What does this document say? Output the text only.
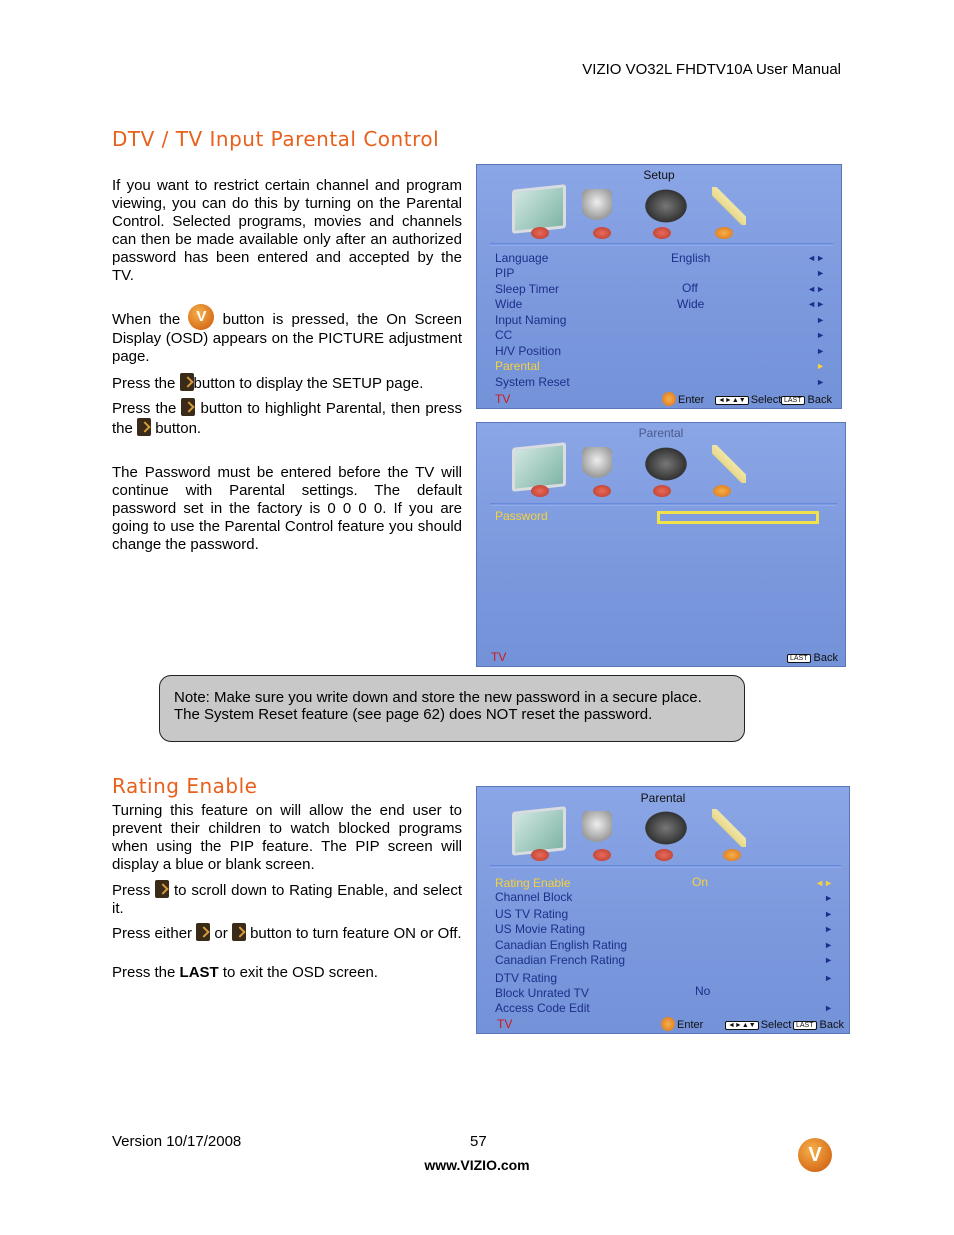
VIZIO VO32L FHDTV10A User Manual
DTV / TV Input Parental Control
If you want to restrict certain channel and program viewing, you can do this by turning on the Parental Control. Selected programs, movies and channels can then be made available only after an authorized password has been entered and accepted by the TV.
When the V	button is pressed, the On Screen Display (OSD) appears on the PICTURE adjustment page.
Press the button to display the SETUP page.
Press the button to highlight Parental, then press the button.
The Password must be entered before the TV will continue with Parental settings. The default password set in the factory is 0 0 0 0. If you are going to use the Parental Control feature you should change the password.
Setup
Language	English	◄►
PIP	►
Sleep Timer	Off	◄►
Wide	Wide	◄►
Input Naming	►
CC	►
H/V Position	►
Parental	►
System Reset	►
TV	Enter	◄►▲▼ Select LAST Back
Parental
Password
TV	LAST Back
Note: Make sure you write down and store the new password in a secure place. The System Reset feature (see page 62) does NOT reset the password.
Rating Enable
Turning this feature on will allow the end user to prevent their children to watch blocked programs when using the PIP feature. The PIP screen will display a blue or blank screen.
Press to scroll down to Rating Enable, and select it.
Press either or button to turn feature ON or Off.
Press the LAST to exit the OSD screen.
Parental
Rating Enable	On	◄►
Channel Block	►
US TV Rating	►
US Movie Rating	►
Canadian English Rating	►
Canadian French Rating	►
DTV Rating	►
Block Unrated TV	No
Access Code Edit	►
TV	Enter	◄►▲▼ Select LAST Back
Version 10/17/2008	57
www.VIZIO.com
V
